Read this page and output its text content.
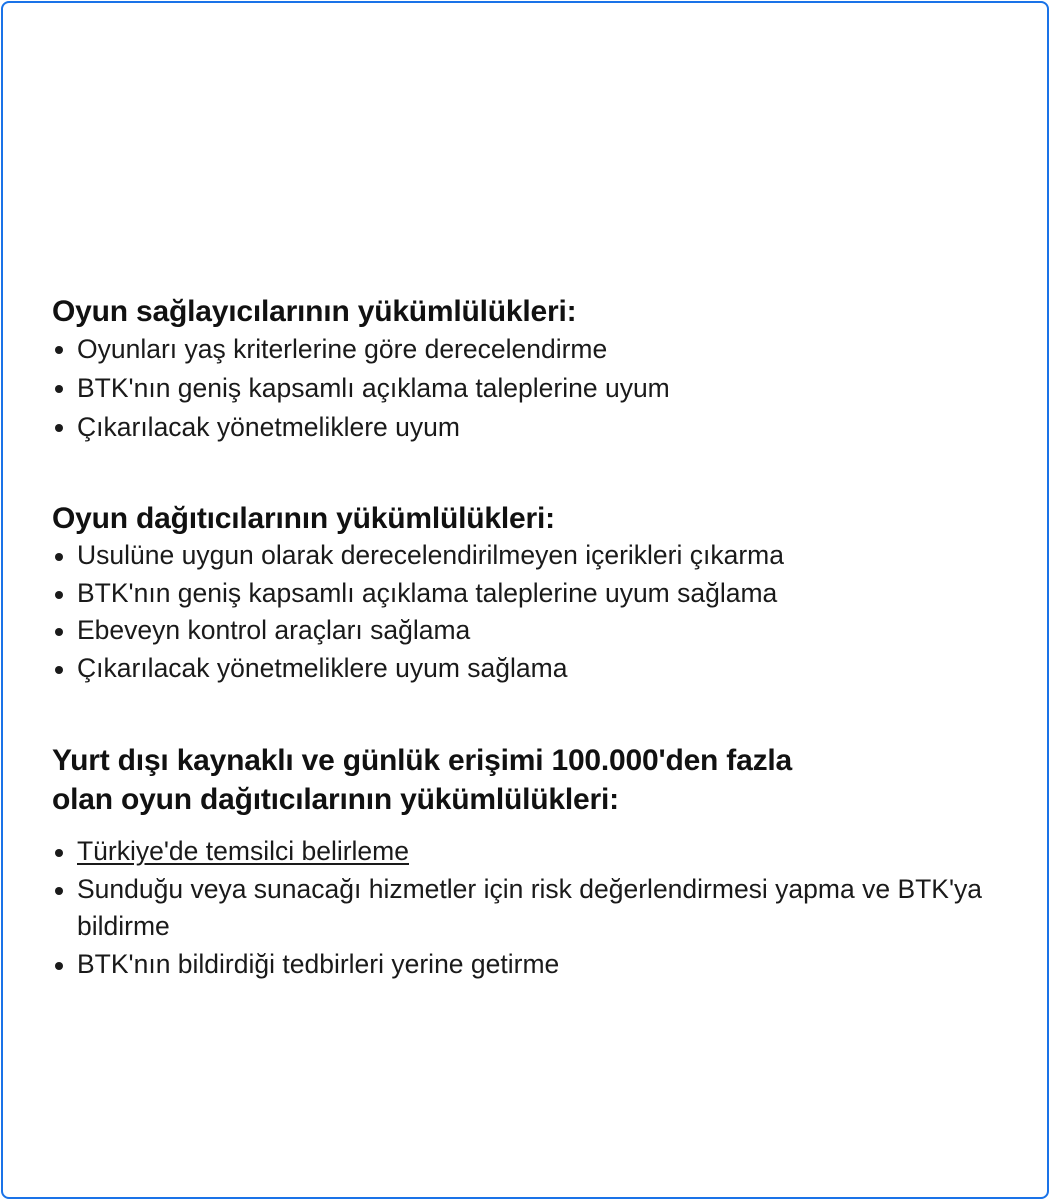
Oyun sağlayıcılarının yükümlülükleri:

Oyunları yaş kriterlerine göre derecelendirme
BTK'nın geniş kapsamlı açıklama taleplerine uyum
Çıkarılacak yönetmeliklere uyum

Oyun dağıtıcılarının yükümlülükleri:

Usulüne uygun olarak derecelendirilmeyen içerikleri çıkarma
BTK'nın geniş kapsamlı açıklama taleplerine uyum sağlama
Ebeveyn kontrol araçları sağlama
Çıkarılacak yönetmeliklere uyum sağlama

Yurt dışı kaynaklı ve günlük erişimi 100.000'den fazla
olan oyun dağıtıcılarının yükümlülükleri:

Türkiye'de temsilci belirleme
Sunduğu veya sunacağı hizmetler için risk değerlendirmesi yapma ve BTK'ya bildirme
BTK'nın bildirdiği tedbirleri yerine getirme
